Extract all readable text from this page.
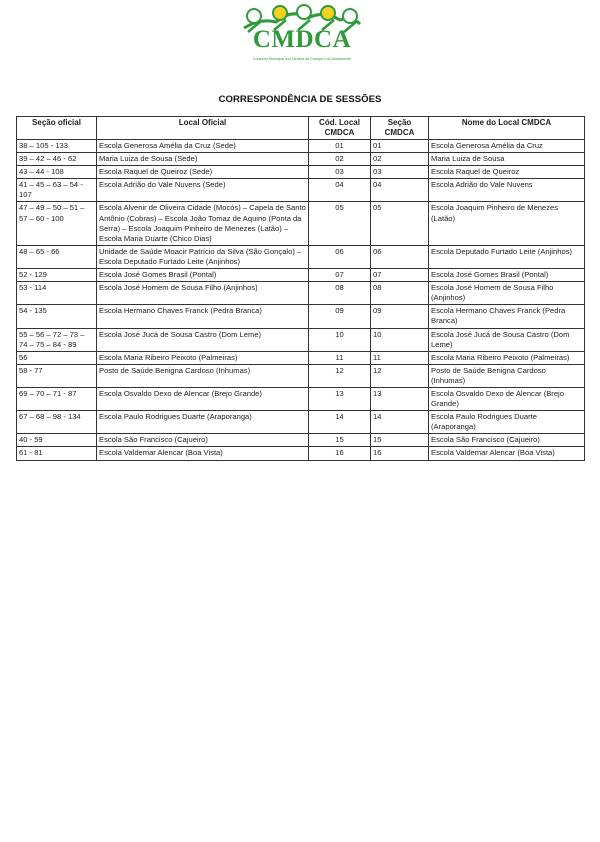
CMDCA
Conselho Municipal dos Direitos da Criança e do Adolescente
CORRESPONDÊNCIA DE SESSÕES
Seção oficial	Local Oficial	Cód. Local CMDCA	Seção CMDCA	Nome do Local CMDCA
38 – 105 - 133	Escola Generosa Amélia da Cruz (Sede)	01	01	Escola Generosa Amélia da Cruz
39 – 42 – 46 - 62	Maria Luiza de Sousa (Sede)	02	02	Maria Luiza de Sousa
43 – 44 - 108	Escola Raquel de Queiroz (Sede)	03	03	Escola Raquel de Queiroz
41 – 45 – 63 – 54 - 107	Escola Adrião do Vale Nuvens (Sede)	04	04	Escola Adrião do Vale Nuvens
47 – 49 – 50 – 51 – 57 – 60 - 100	Escola Alvenir de Oliveira Cidade (Mocós) – Capela de Santo Antônio (Cobras) – Escola João Tomaz de Aquino (Ponta da Serra) – Escola Joaquim Pinheiro de Menezes (Latão) – Escola Maria Duarte (Chico Dias)	05	05	Escola Joaquim Pinheiro de Menezes (Latão)
48 – 65 - 66	Unidade de Saúde Moacir Patrício da Silva (São Gonçalo) – Escola Deputado Furtado Leite (Anjinhos)	06	06	Escola Deputado Furtado Leite (Anjinhos)
52 - 129	Escola José Gomes Brasil (Pontal)	07	07	Escola José Gomes Brasil (Pontal)
53 - 114	Escola José Homem de Sousa Filho (Anjinhos)	08	08	Escola José Homem de Sousa Filho (Anjinhos)
54 - 135	Escola Hermano Chaves Franck (Pedra Branca)	09	09	Escola Hermano Chaves Franck (Pedra Branca)
55 – 56 – 72 – 73 – 74 – 75 – 84 - 89	Escola José Jucá de Sousa Castro (Dom Leme)	10	10	Escola José Jucá de Sousa Castro (Dom Leme)
56	Escola Maria Ribeiro Peixoto (Palmeiras)	11	11	Escola Maria Ribeiro Peixoto (Palmeiras)
58 - 77	Posto de Saúde Benigna Cardoso (Inhumas)	12	12	Posto de Saúde Benigna Cardoso (Inhumas)
69 – 70 – 71 - 87	Escola Osvaldo Dexo de Alencar (Brejo Grande)	13	13	Escola Osvaldo Dexo de Alencar (Brejo Grande)
67 – 68 – 98 - 134	Escola Paulo Rodrigues Duarte (Araporanga)	14	14	Escola Paulo Rodrigues Duarte (Araporanga)
40 - 59	Escola São Francisco (Cajueiro)	15	15	Escola São Francisco (Cajueiro)
61 - 81	Escola Valdemar Alencar (Boa Vista)	16	16	Escola Valdemar Alencar (Boa Vista)
